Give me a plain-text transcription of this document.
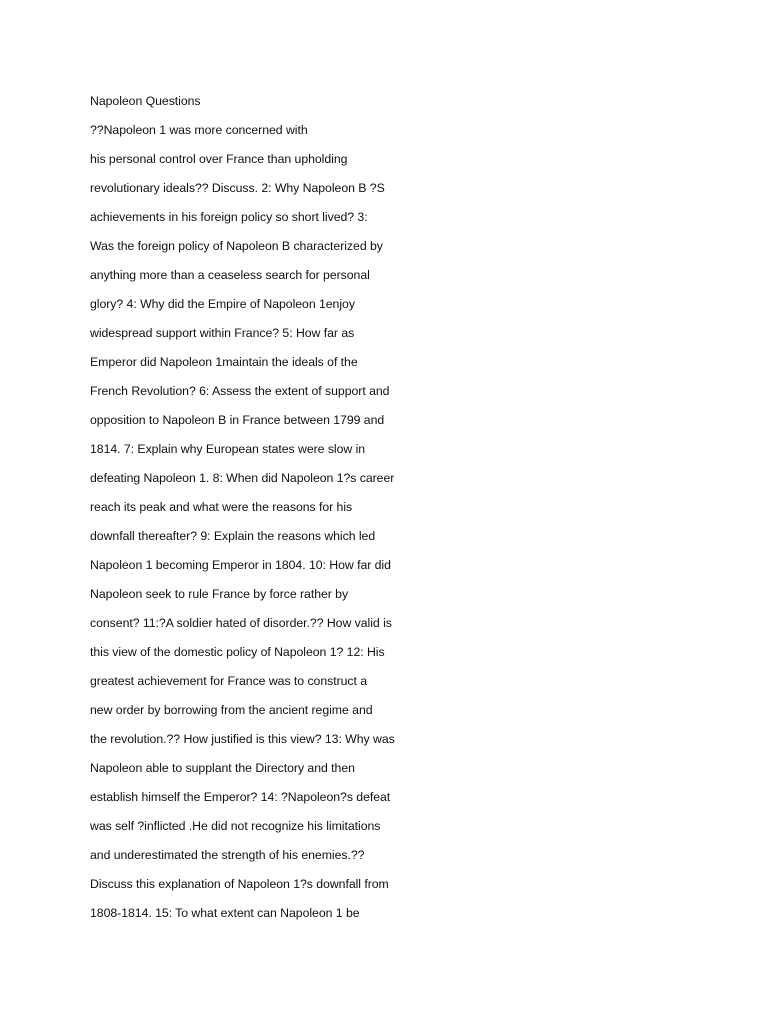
Napoleon Questions
??Napoleon 1 was more concerned with
his personal control over France than upholding
revolutionary ideals?? Discuss. 2: Why Napoleon B ?S
achievements in his foreign policy so short lived? 3:
Was the foreign policy of Napoleon B characterized by
anything more than a ceaseless search for personal
glory? 4: Why did the Empire of Napoleon 1enjoy
widespread support within France? 5: How far as
Emperor did Napoleon 1maintain the ideals of the
French Revolution? 6: Assess the extent of support and
opposition to Napoleon B in France between 1799 and
1814. 7: Explain why European states were slow in
defeating Napoleon 1. 8: When did Napoleon 1?s career
reach its peak and what were the reasons for his
downfall thereafter? 9: Explain the reasons which led
Napoleon 1 becoming Emperor in 1804. 10: How far did
Napoleon seek to rule France by force rather by
consent? 11:?A soldier hated of disorder.?? How valid is
this view of the domestic policy of Napoleon 1? 12: His
greatest achievement for France was to construct a
new order by borrowing from the ancient regime and
the revolution.?? How justified is this view? 13: Why was
Napoleon able to supplant the Directory and then
establish himself the Emperor? 14: ?Napoleon?s defeat
was self ?inflicted .He did not recognize his limitations
and underestimated the strength of his enemies.??
Discuss this explanation of Napoleon 1?s downfall from
1808-1814. 15: To what extent can Napoleon 1 be
